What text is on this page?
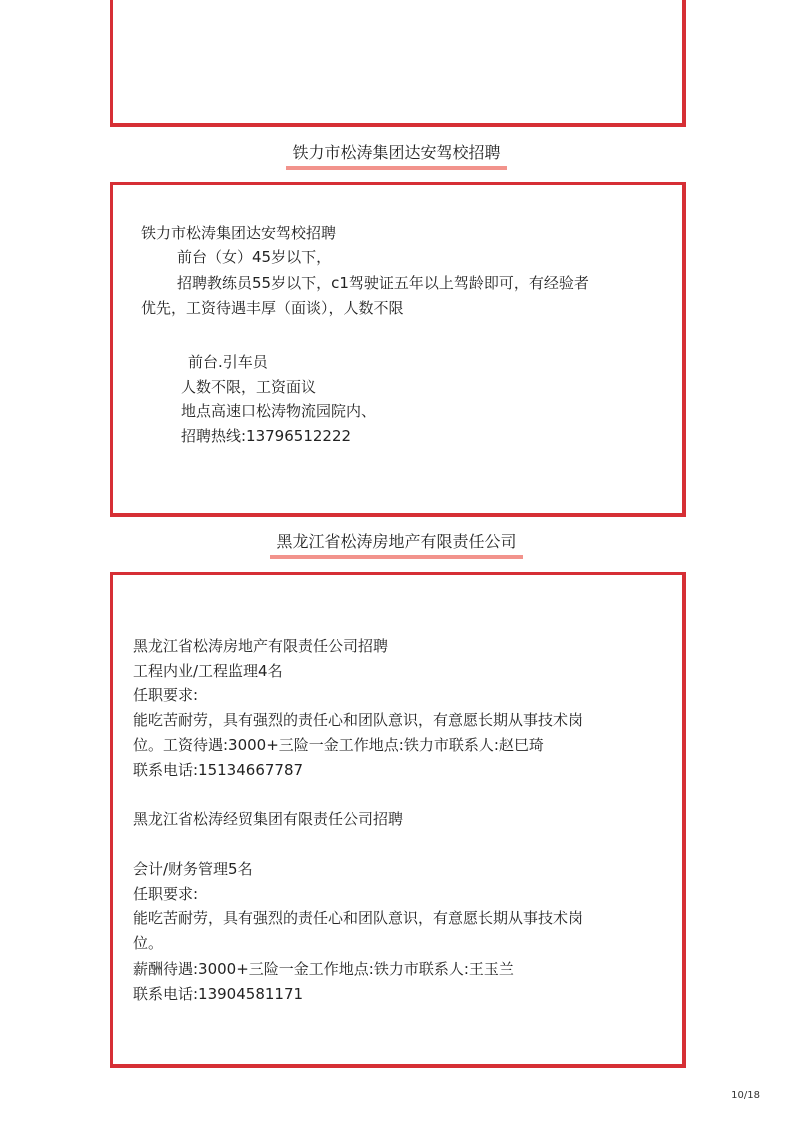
铁力市松涛集团达安驾校招聘
铁力市松涛集团达安驾校招聘
前台（女）45岁以下，
招聘教练员55岁以下，c1驾驶证五年以上驾龄即可，有经验者
优先，工资待遇丰厚（面谈），人数不限
前台.引车员
人数不限，工资面议
地点高速口松涛物流园院内、
招聘热线:13796512222
黑龙江省松涛房地产有限责任公司
黑龙江省松涛房地产有限责任公司招聘
工程内业/工程监理4名
任职要求:
能吃苦耐劳，具有强烈的责任心和团队意识，有意愿长期从事技术岗
位。工资待遇:3000+三险一金工作地点:铁力市联系人:赵巳琦
联系电话:15134667787
黑龙江省松涛经贸集团有限责任公司招聘
会计/财务管理5名
任职要求:
能吃苦耐劳，具有强烈的责任心和团队意识，有意愿长期从事技术岗
位。
薪酬待遇:3000+三险一金工作地点:铁力市联系人:王玉兰
联系电话:13904581171
10/18
